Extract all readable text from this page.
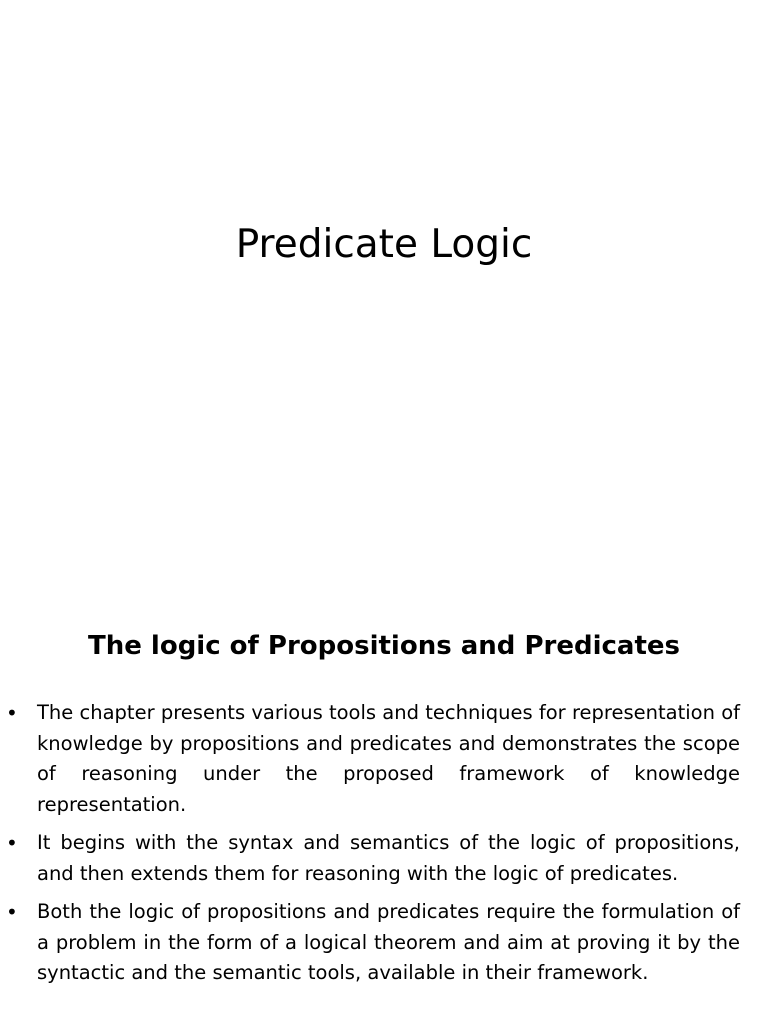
Predicate Logic
The logic of Propositions and Predicates
• The chapter presents various tools and techniques for representation of knowledge by propositions and predicates and demonstrates the scope of reasoning under the proposed framework of knowledge representation.
• It begins with the syntax and semantics of the logic of propositions, and then extends them for reasoning with the logic of predicates.
• Both the logic of propositions and predicates require the formulation of a problem in the form of a logical theorem and aim at proving it by the syntactic and the semantic tools, available in their framework.
